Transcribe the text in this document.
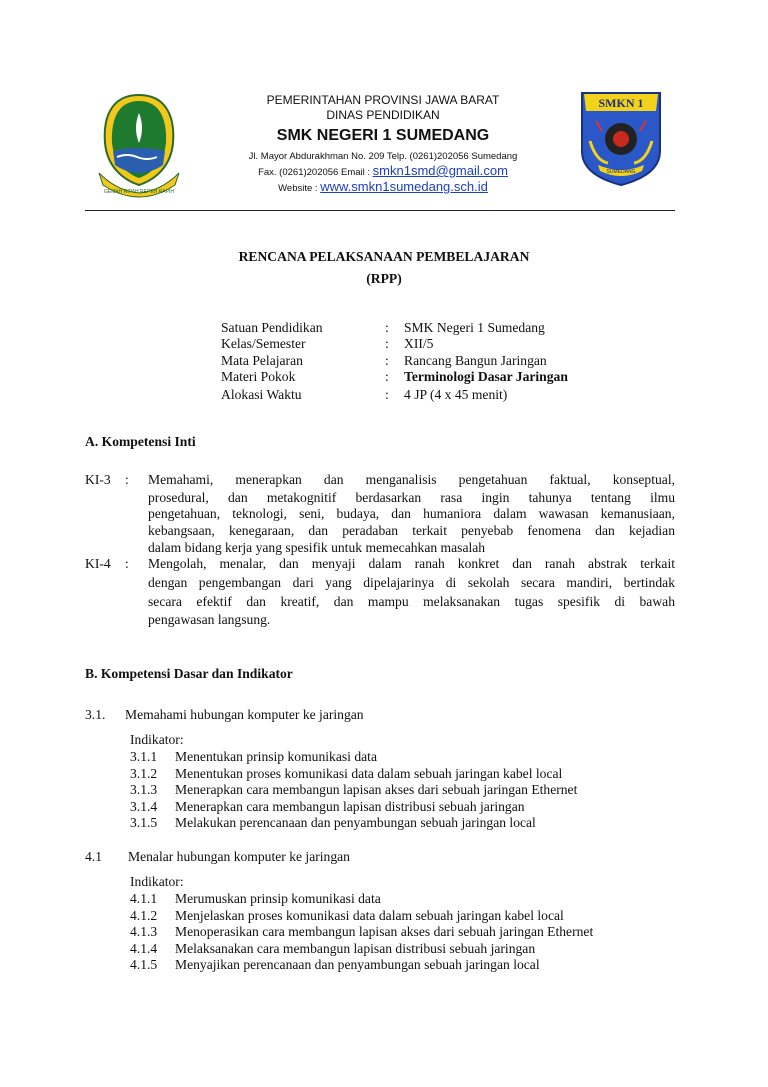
GEMAH RIPAH REPEH RAPIH
SMKN 1
SUMEDANG
PEMERINTAHAN PROVINSI JAWA BARAT
DINAS PENDIDIKAN
SMK NEGERI 1 SUMEDANG
Jl. Mayor Abdurakhman No. 209 Telp. (0261)202056 Sumedang
Fax. (0261)202056 Email : smkn1smd@gmail.com
Website : www.smkn1sumedang.sch.id
RENCANA PELAKSANAAN PEMBELAJARAN
(RPP)
Satuan Pendidikan	: SMK Negeri 1 Sumedang
Kelas/Semester	: XII/5
Mata Pelajaran	: Rancang Bangun Jaringan
Materi Pokok	: Terminologi Dasar Jaringan
Alokasi Waktu	: 4 JP (4 x 45 menit)
A. Kompetensi Inti
KI-3 : Memahami, menerapkan dan menganalisis pengetahuan faktual, konseptual,
prosedural, dan metakognitif berdasarkan rasa ingin tahunya tentang ilmu
pengetahuan, teknologi, seni, budaya, dan humaniora dalam wawasan kemanusiaan,
kebangsaan, kenegaraan, dan peradaban terkait penyebab fenomena dan kejadian
dalam bidang kerja yang spesifik untuk memecahkan masalah
KI-4 : Mengolah, menalar, dan menyaji dalam ranah konkret dan ranah abstrak terkait
dengan pengembangan dari yang dipelajarinya di sekolah secara mandiri, bertindak
secara efektif dan kreatif, dan mampu melaksanakan tugas spesifik di bawah
pengawasan langsung.
B. Kompetensi Dasar dan Indikator
3.1. Memahami hubungan komputer ke jaringan
Indikator:
3.1.1 Menentukan prinsip komunikasi data
3.1.2 Menentukan proses komunikasi data dalam sebuah jaringan kabel local
3.1.3 Menerapkan cara membangun lapisan akses dari sebuah jaringan Ethernet
3.1.4 Menerapkan cara membangun lapisan distribusi sebuah jaringan
3.1.5 Melakukan perencanaan dan penyambungan sebuah jaringan local
4.1 Menalar hubungan komputer ke jaringan
Indikator:
4.1.1 Merumuskan prinsip komunikasi data
4.1.2 Menjelaskan proses komunikasi data dalam sebuah jaringan kabel local
4.1.3 Menoperasikan cara membangun lapisan akses dari sebuah jaringan Ethernet
4.1.4 Melaksanakan cara membangun lapisan distribusi sebuah jaringan
4.1.5 Menyajikan perencanaan dan penyambungan sebuah jaringan local
